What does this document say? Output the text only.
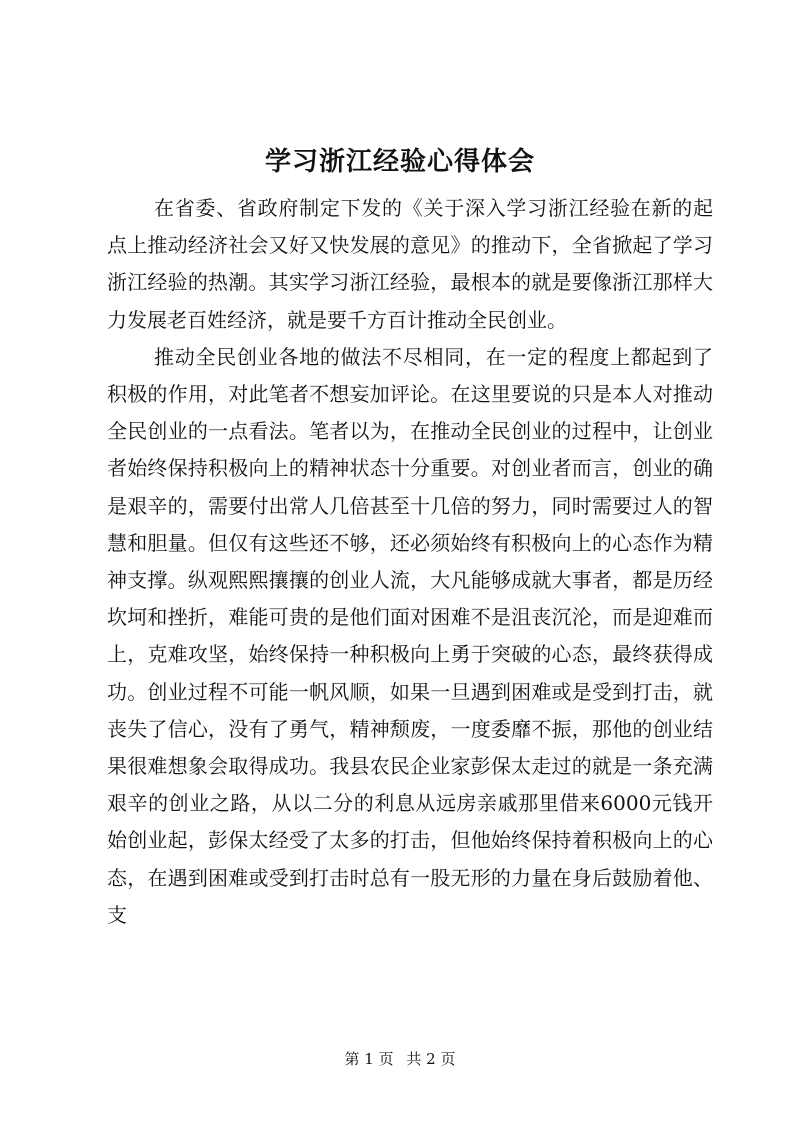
学习浙江经验心得体会

在省委、省政府制定下发的《关于深入学习浙江经验在新的起点上推动经济社会又好又快发展的意见》的推动下，全省掀起了学习浙江经验的热潮。其实学习浙江经验，最根本的就是要像浙江那样大力发展老百姓经济，就是要千方百计推动全民创业。

推动全民创业各地的做法不尽相同，在一定的程度上都起到了积极的作用，对此笔者不想妄加评论。在这里要说的只是本人对推动全民创业的一点看法。笔者以为，在推动全民创业的过程中，让创业者始终保持积极向上的精神状态十分重要。对创业者而言，创业的确是艰辛的，需要付出常人几倍甚至十几倍的努力，同时需要过人的智慧和胆量。但仅有这些还不够，还必须始终有积极向上的心态作为精神支撑。纵观熙熙攘攘的创业人流，大凡能够成就大事者，都是历经坎坷和挫折，难能可贵的是他们面对困难不是沮丧沉沦，而是迎难而上，克难攻坚，始终保持一种积极向上勇于突破的心态，最终获得成功。创业过程不可能一帆风顺，如果一旦遇到困难或是受到打击，就丧失了信心，没有了勇气，精神颓废，一度委靡不振，那他的创业结果很难想象会取得成功。我县农民企业家彭保太走过的就是一条充满艰辛的创业之路，从以二分的利息从远房亲戚那里借来6000元钱开始创业起，彭保太经受了太多的打击，但他始终保持着积极向上的心态，在遇到困难或受到打击时总有一股无形的力量在身后鼓励着他、支

第 1 页 共 2 页
